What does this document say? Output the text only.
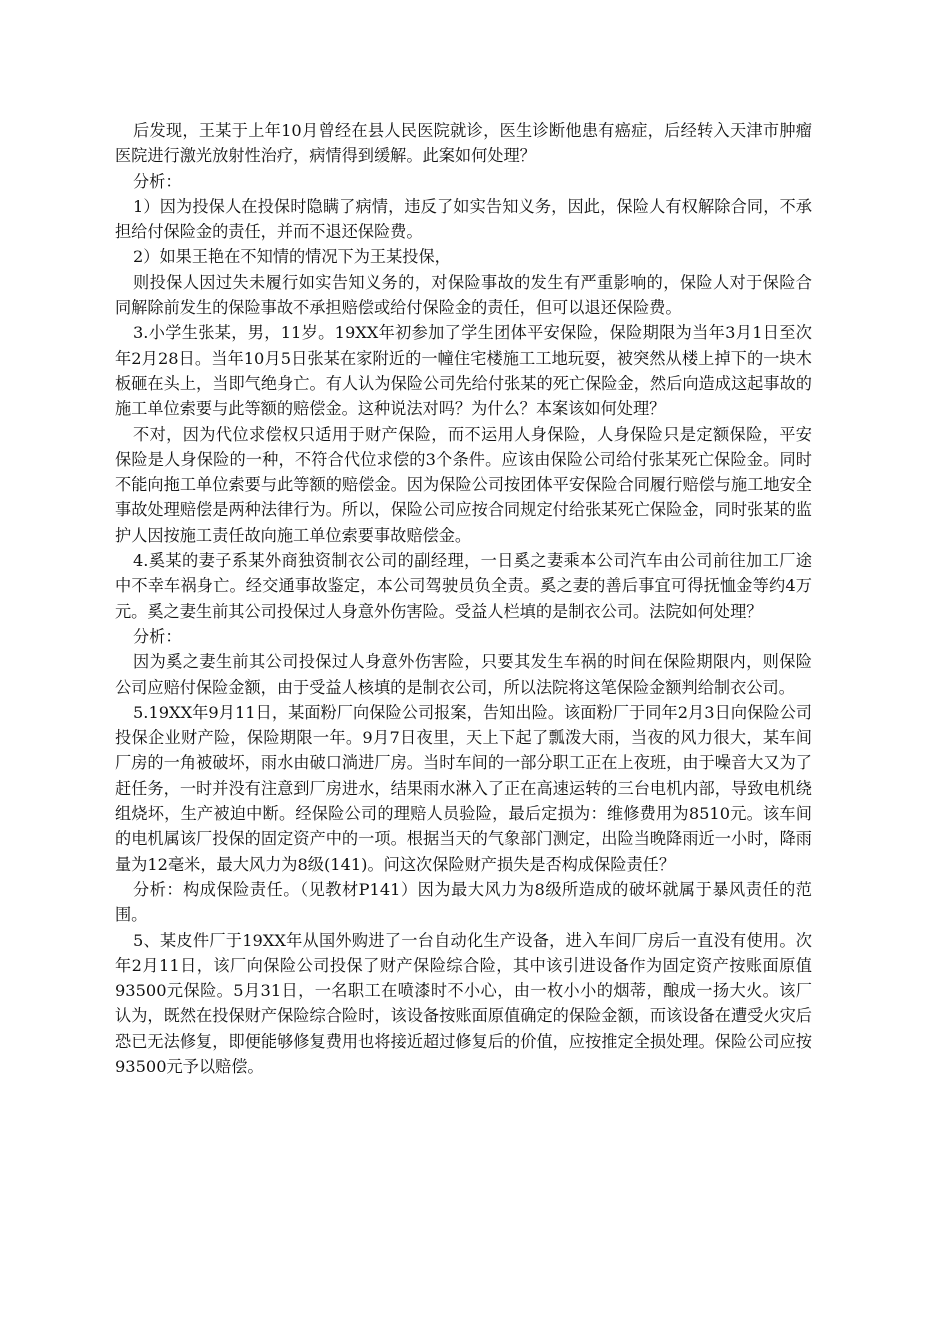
后发现，王某于上年10月曾经在县人民医院就诊，医生诊断他患有癌症，后经转入天津市肿瘤医院进行激光放射性治疗，病情得到缓解。此案如何处理？

分析：

1）因为投保人在投保时隐瞒了病情，违反了如实告知义务，因此，保险人有权解除合同，不承担给付保险金的责任，并而不退还保险费。

2）如果王艳在不知情的情况下为王某投保，

则投保人因过失未履行如实告知义务的，对保险事故的发生有严重影响的，保险人对于保险合同解除前发生的保险事故不承担赔偿或给付保险金的责任，但可以退还保险费。

3.小学生张某，男，11岁。19XX年初参加了学生团体平安保险，保险期限为当年3月1日至次年2月28日。当年10月5日张某在家附近的一幢住宅楼施工工地玩耍，被突然从楼上掉下的一块木板砸在头上，当即气绝身亡。有人认为保险公司先给付张某的死亡保险金，然后向造成这起事故的施工单位索要与此等额的赔偿金。这种说法对吗？为什么？本案该如何处理？

不对，因为代位求偿权只适用于财产保险，而不运用人身保险，人身保险只是定额保险，平安保险是人身保险的一种，不符合代位求偿的3个条件。应该由保险公司给付张某死亡保险金。同时不能向拖工单位索要与此等额的赔偿金。因为保险公司按团体平安保险合同履行赔偿与施工地安全事故处理赔偿是两种法律行为。所以，保险公司应按合同规定付给张某死亡保险金，同时张某的监护人因按施工责任故向施工单位索要事故赔偿金。

4.奚某的妻子系某外商独资制衣公司的副经理，一日奚之妻乘本公司汽车由公司前往加工厂途中不幸车祸身亡。经交通事故鉴定，本公司驾驶员负全责。奚之妻的善后事宜可得抚恤金等约4万元。奚之妻生前其公司投保过人身意外伤害险。受益人栏填的是制衣公司。法院如何处理？

分析：

因为奚之妻生前其公司投保过人身意外伤害险，只要其发生车祸的时间在保险期限内，则保险公司应赔付保险金额，由于受益人核填的是制衣公司，所以法院将这笔保险金额判给制衣公司。

5.19XX年9月11日，某面粉厂向保险公司报案，告知出险。该面粉厂于同年2月3日向保险公司投保企业财产险，保险期限一年。9月7日夜里，天上下起了瓢泼大雨，当夜的风力很大，某车间厂房的一角被破坏，雨水由破口淌进厂房。当时车间的一部分职工正在上夜班，由于噪音大又为了赶任务，一时并没有注意到厂房进水，结果雨水淋入了正在高速运转的三台电机内部，导致电机绕组烧坏，生产被迫中断。经保险公司的理赔人员验险，最后定损为：维修费用为8510元。该车间的电机属该厂投保的固定资产中的一项。根据当天的气象部门测定，出险当晚降雨近一小时，降雨量为12毫米，最大风力为8级(141)。问这次保险财产损失是否构成保险责任？

分析：构成保险责任。（见教材P141）因为最大风力为8级所造成的破坏就属于暴风责任的范围。

5、某皮件厂于19XX年从国外购进了一台自动化生产设备，进入车间厂房后一直没有使用。次年2月11日，该厂向保险公司投保了财产保险综合险，其中该引进设备作为固定资产按账面原值93500元保险。5月31日，一名职工在喷漆时不小心，由一枚小小的烟蒂，酿成一扬大火。该厂认为，既然在投保财产保险综合险时，该设备按账面原值确定的保险金额，而该设备在遭受火灾后恐已无法修复，即便能够修复费用也将接近超过修复后的价值，应按推定全损处理。保险公司应按93500元予以赔偿。
